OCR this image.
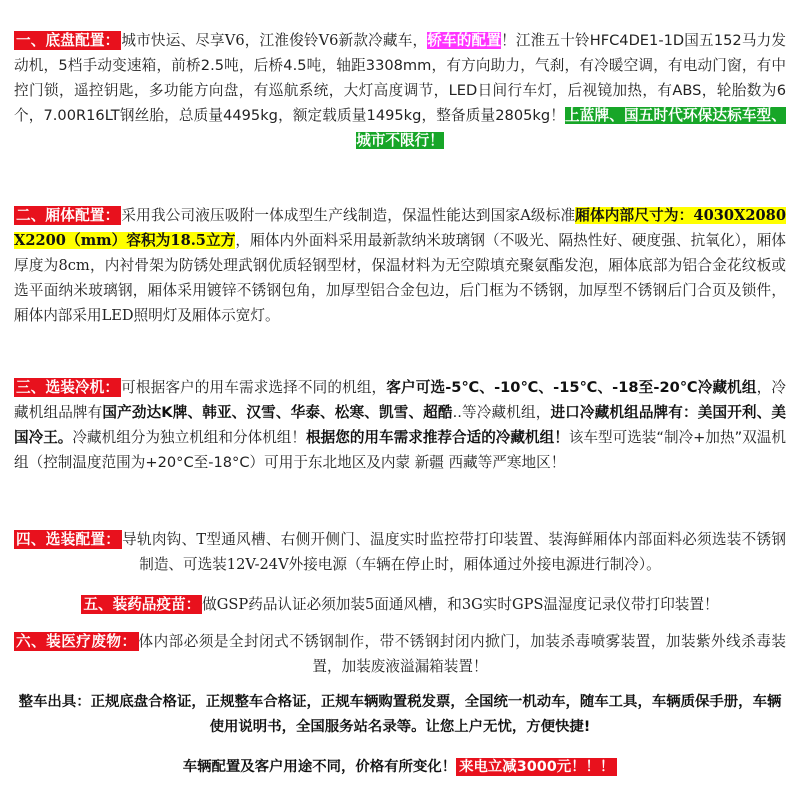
一、底盘配置： 城市快运、尽享V6，江淮俊铃V6新款冷藏车，轿车的配置！江淮五十铃HFC4DE1-1D国五152马力发动机，5档手动变速箱，前桥2.5吨，后桥4.5吨，轴距3308mm，有方向助力，气刹，有冷暖空调，有电动门窗，有中控门锁，遥控钥匙，多功能方向盘，有巡航系统，大灯高度调节，LED日间行车灯，后视镜加热，有ABS，轮胎数为6个，7.00R16LT钢丝胎，总质量4495kg，额定载质量1495kg，整备质量2805kg！上蓝牌、国五时代环保达标车型、城市不限行！

二、厢体配置： 采用我公司液压吸附一体成型生产线制造，保温性能达到国家A级标准厢体内部尺寸为：4030X2080X2200（mm）容积为18.5立方，厢体内外面料采用最新款纳米玻璃钢（不吸光、隔热性好、硬度强、抗氧化），厢体厚度为8cm，内衬骨架为防锈处理武钢优质轻钢型材，保温材料为无空隙填充聚氨酯发泡，厢体底部为铝合金花纹板或选平面纳米玻璃钢，厢体采用镀锌不锈钢包角，加厚型铝合金包边，后门框为不锈钢，加厚型不锈钢后门合页及锁件，厢体内部采用LED照明灯及厢体示宽灯。

三、选装冷机： 可根据客户的用车需求选择不同的机组，客户可选-5℃、-10℃、-15℃、-18至-20℃冷藏机组，冷藏机组品牌有国产劲达K牌、韩亚、汉雪、华泰、松寒、凯雪、超酷..等冷藏机组，进口冷藏机组品牌有：美国开利、美国冷王。冷藏机组分为独立机组和分体机组！根据您的用车需求推荐合适的冷藏机组！该车型可选装“制冷+加热”双温机组（控制温度范围为+20°C至-18°C）可用于东北地区及内蒙 新疆 西藏等严寒地区！

四、选装配置： 导轨肉钩、T型通风槽、右侧开侧门、温度实时监控带打印装置、装海鲜厢体内部面料必须选装不锈钢制造、可选装12V-24V外接电源（车辆在停止时，厢体通过外接电源进行制冷）。

五、装药品疫苗： 做GSP药品认证必须加装5面通风槽，和3G实时GPS温湿度记录仪带打印装置！

六、装医疗废物： 体内部必须是全封闭式不锈钢制作，带不锈钢封闭内掀门，加装杀毒喷雾装置，加装紫外线杀毒装置，加装废液溢漏箱装置！

整车出具：正规底盘合格证，正规整车合格证，正规车辆购置税发票，全国统一机动车，随车工具，车辆质保手册，车辆使用说明书，全国服务站名录等。让您上户无忧，方便快捷!

车辆配置及客户用途不同，价格有所变化！ 来电立减3000元！！！
